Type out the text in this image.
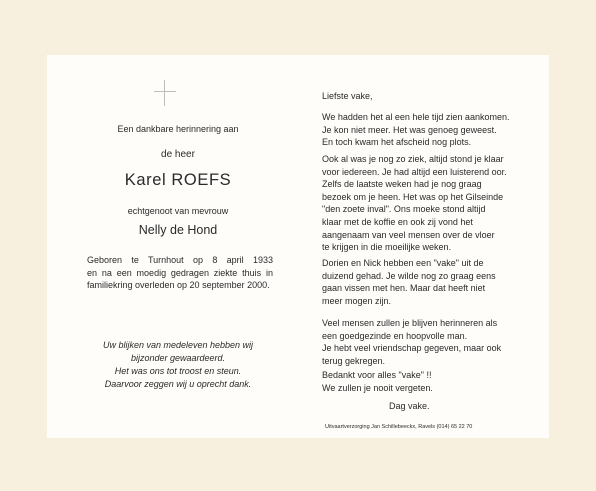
Een dankbare herinnering aan
de heer
Karel ROEFS
echtgenoot van mevrouw
Nelly de Hond
Geboren te Turnhout op 8 april 1933
en na een moedig gedragen ziekte thuis in
familiekring overleden op 20 september 2000.
Uw blijken van medeleven hebben wij
bijzonder gewaardeerd.
Het was ons tot troost en steun.
Daarvoor zeggen wij u oprecht dank.
Liefste vake,
We hadden het al een hele tijd zien aankomen.
Je kon niet meer. Het was genoeg geweest.
En toch kwam het afscheid nog plots.
Ook al was je nog zo ziek, altijd stond je klaar
voor iedereen. Je had altijd een luisterend oor.
Zelfs de laatste weken had je nog graag
bezoek om je heen. Het was op het Gilseinde
"den zoete inval". Ons moeke stond altijd
klaar met de koffie en ook zij vond het
aangenaam van veel mensen over de vloer
te krijgen in die moeilijke weken.
Dorien en Nick hebben een "vake" uit de
duizend gehad. Je wilde nog zo graag eens
gaan vissen met hen. Maar dat heeft niet
meer mogen zijn.
Veel mensen zullen je blijven herinneren als
een goedgezinde en hoopvolle man.
Je hebt veel vriendschap gegeven, maar ook
terug gekregen.
Bedankt voor alles "vake" !!
We zullen je nooit vergeten.
Dag vake.
Uitvaartverzorging Jan Schillebeeckx, Ravels (014) 65 22 70
